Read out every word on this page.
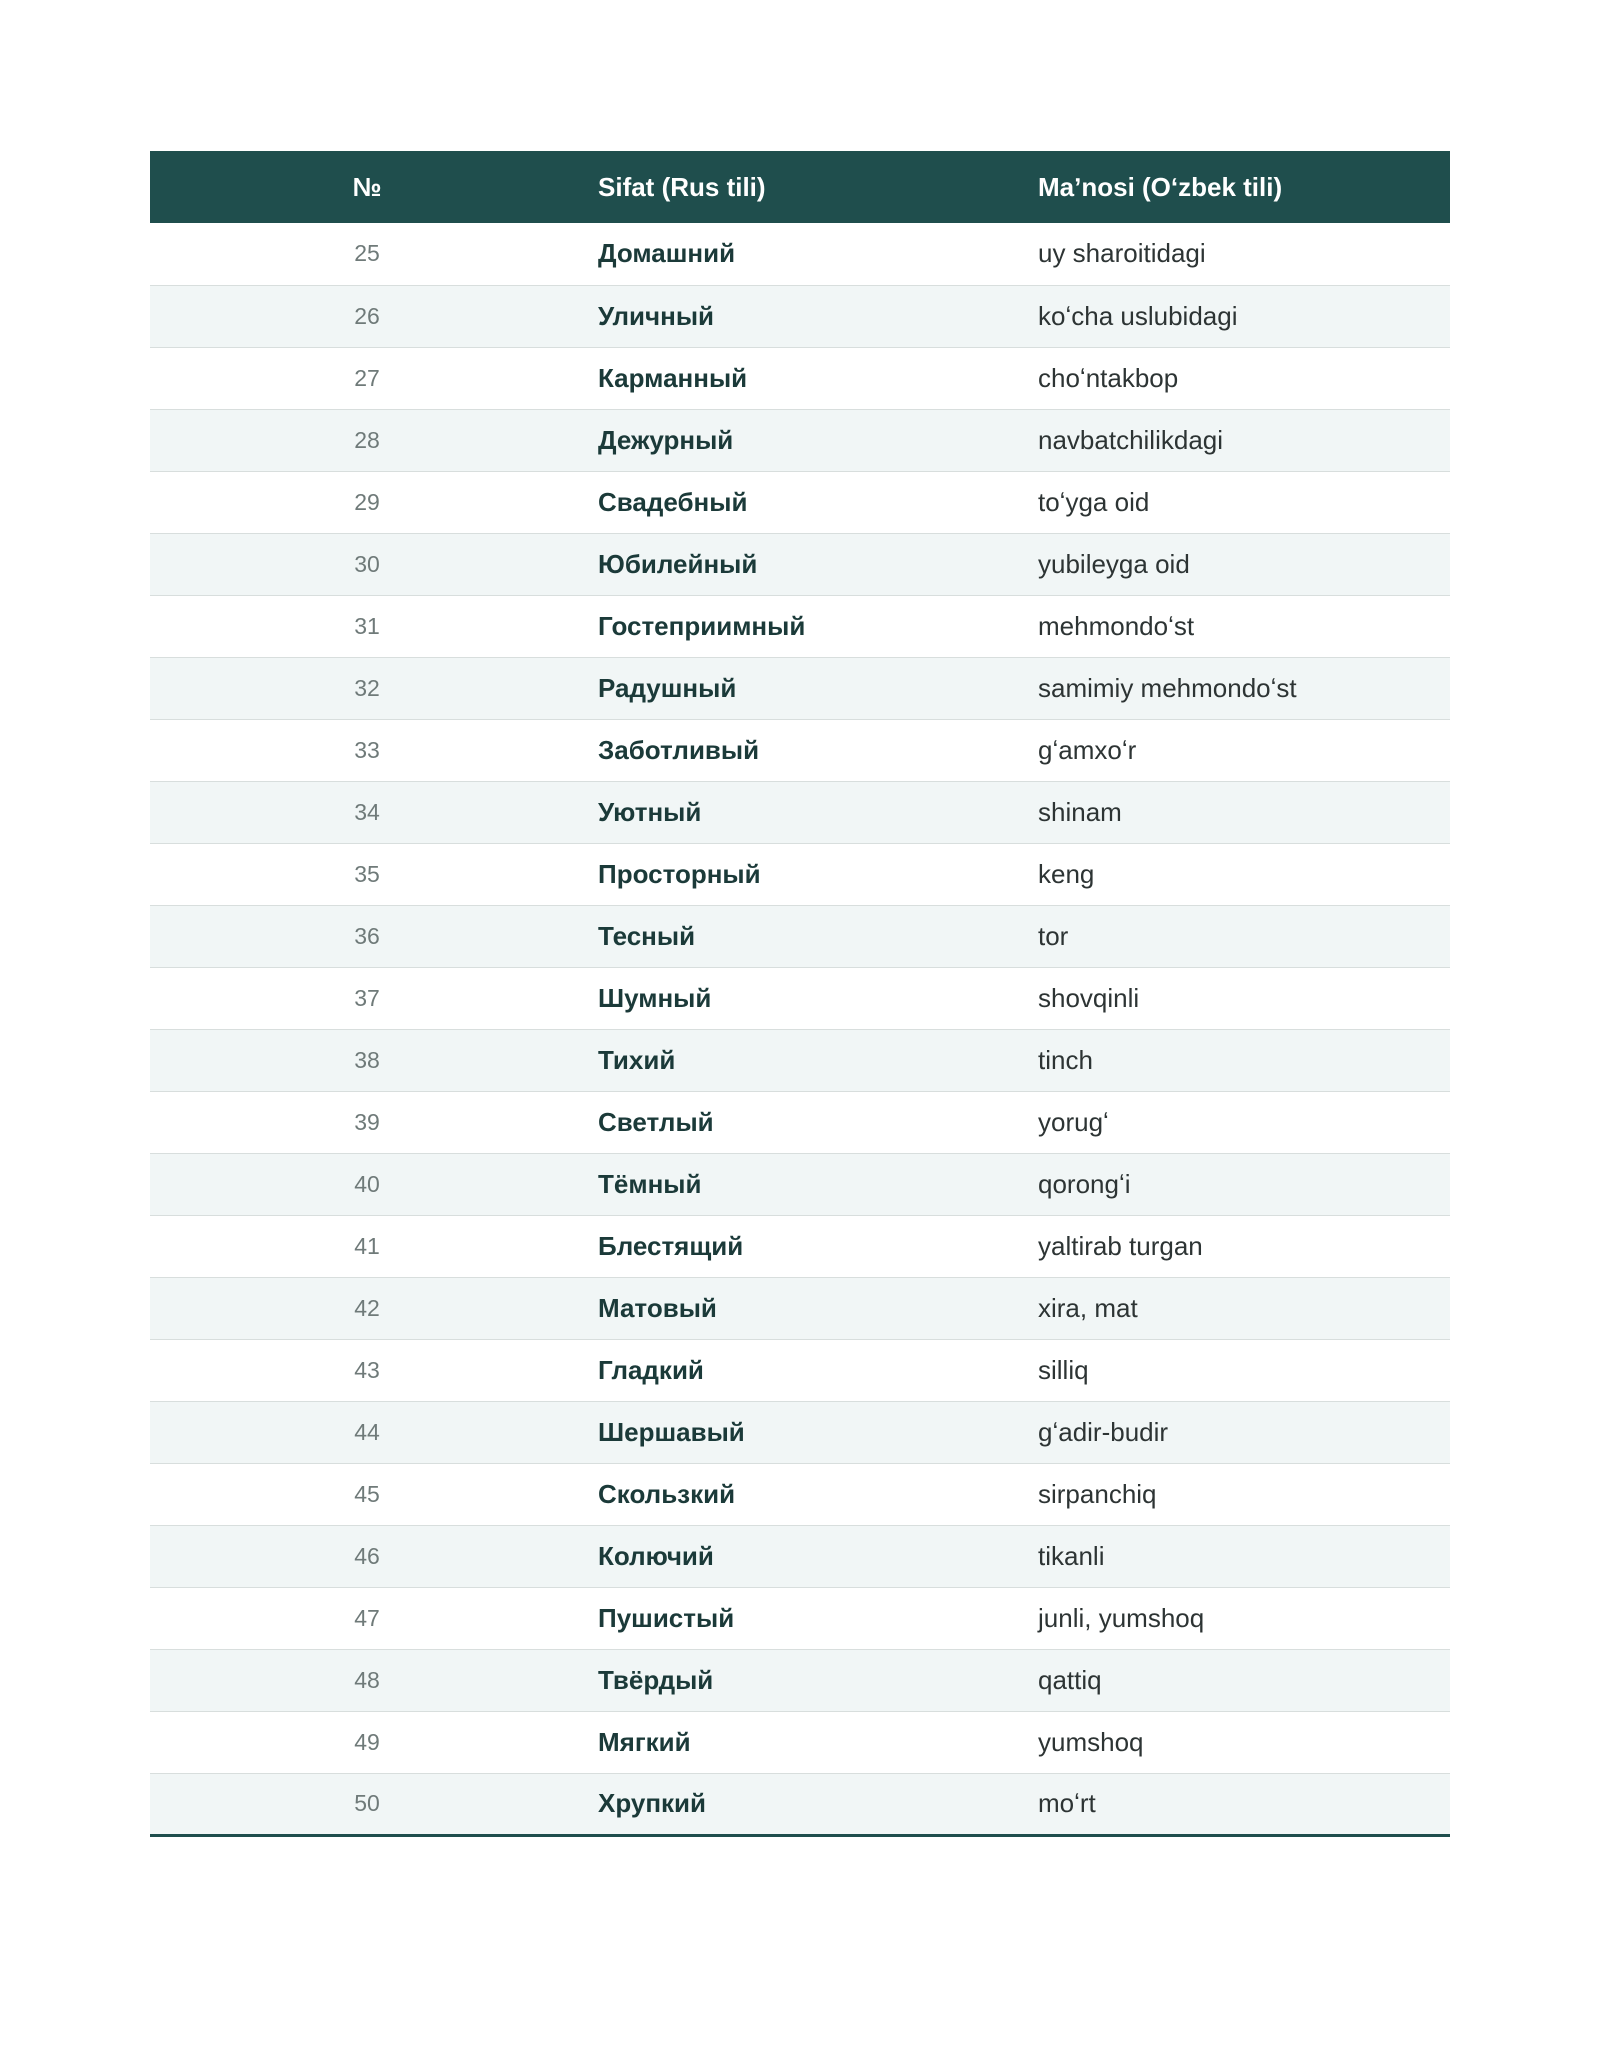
№	Sifat (Rus tili)	Maʼnosi (Oʻzbek tili)
25	Домашний	uy sharoitidagi
26	Уличный	koʻcha uslubidagi
27	Карманный	choʻntakbop
28	Дежурный	navbatchilikdagi
29	Свадебный	toʻyga oid
30	Юбилейный	yubileyga oid
31	Гостеприимный	mehmondoʻst
32	Радушный	samimiy mehmondoʻst
33	Заботливый	gʻamxoʻr
34	Уютный	shinam
35	Просторный	keng
36	Тесный	tor
37	Шумный	shovqinli
38	Тихий	tinch
39	Светлый	yorugʻ
40	Тёмный	qorongʻi
41	Блестящий	yaltirab turgan
42	Матовый	xira, mat
43	Гладкий	silliq
44	Шершавый	gʻadir-budir
45	Скользкий	sirpanchiq
46	Колючий	tikanli
47	Пушистый	junli, yumshoq
48	Твёрдый	qattiq
49	Мягкий	yumshoq
50	Хрупкий	moʻrt
